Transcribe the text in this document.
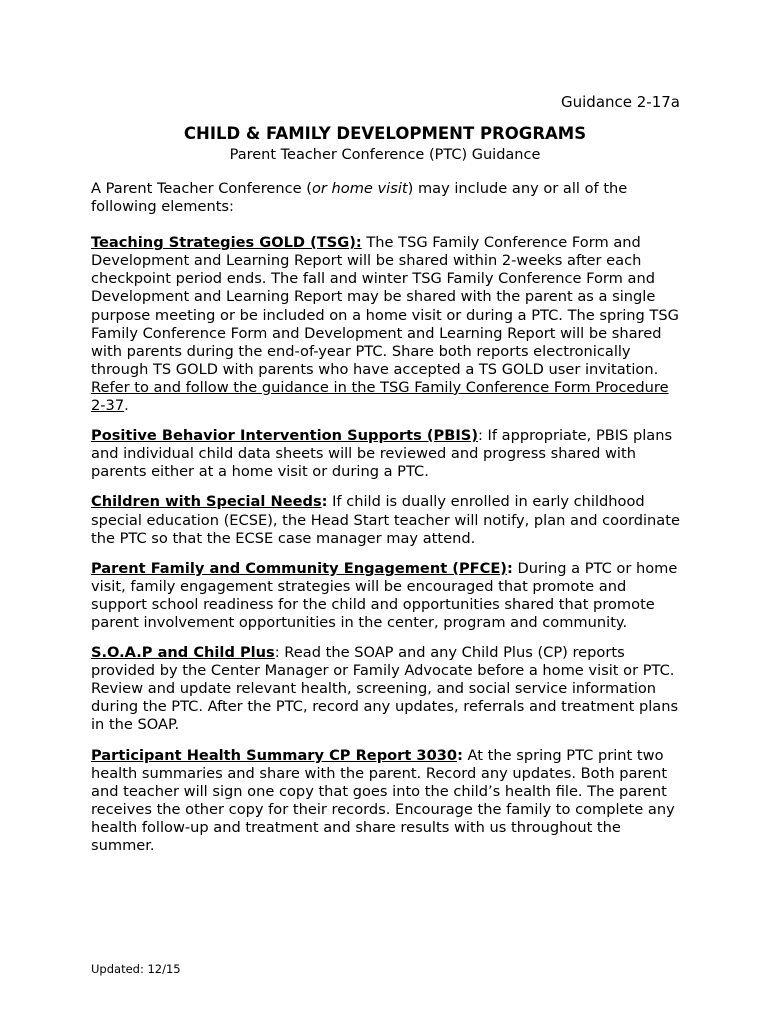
Guidance 2-17a
CHILD & FAMILY DEVELOPMENT PROGRAMS
Parent Teacher Conference (PTC) Guidance

A Parent Teacher Conference (or home visit) may include any or all of the following elements:

Teaching Strategies GOLD (TSG): The TSG Family Conference Form and Development and Learning Report will be shared within 2-weeks after each checkpoint period ends. The fall and winter TSG Family Conference Form and Development and Learning Report may be shared with the parent as a single purpose meeting or be included on a home visit or during a PTC. The spring TSG Family Conference Form and Development and Learning Report will be shared with parents during the end-of-year PTC. Share both reports electronically through TS GOLD with parents who have accepted a TS GOLD user invitation. Refer to and follow the guidance in the TSG Family Conference Form Procedure 2-37.

Positive Behavior Intervention Supports (PBIS): If appropriate, PBIS plans and individual child data sheets will be reviewed and progress shared with parents either at a home visit or during a PTC.

Children with Special Needs: If child is dually enrolled in early childhood special education (ECSE), the Head Start teacher will notify, plan and coordinate the PTC so that the ECSE case manager may attend.

Parent Family and Community Engagement (PFCE): During a PTC or home visit, family engagement strategies will be encouraged that promote and support school readiness for the child and opportunities shared that promote parent involvement opportunities in the center, program and community.

S.O.A.P and Child Plus: Read the SOAP and any Child Plus (CP) reports provided by the Center Manager or Family Advocate before a home visit or PTC. Review and update relevant health, screening, and social service information during the PTC. After the PTC, record any updates, referrals and treatment plans in the SOAP.

Participant Health Summary CP Report 3030: At the spring PTC print two health summaries and share with the parent. Record any updates. Both parent and teacher will sign one copy that goes into the child’s health file. The parent receives the other copy for their records. Encourage the family to complete any health follow-up and treatment and share results with us throughout the summer.

Updated: 12/15
